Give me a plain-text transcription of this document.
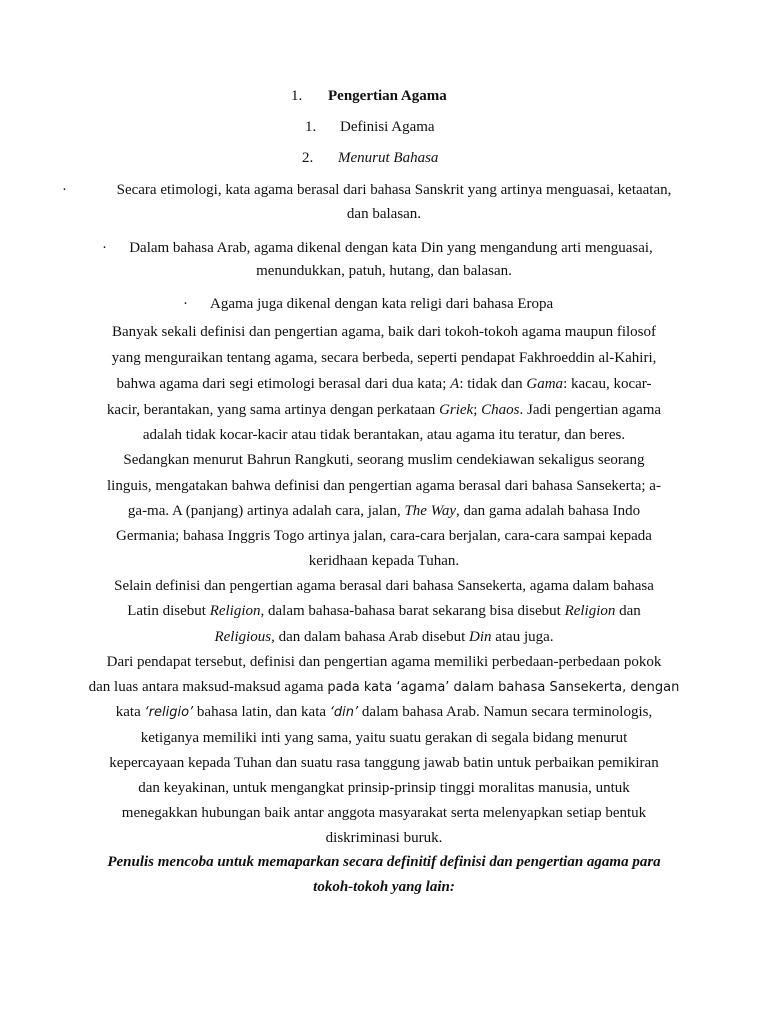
1. Pengertian Agama
1. Definisi Agama
2. Menurut Bahasa
·	Secara etimologi, kata agama berasal dari bahasa Sanskrit yang artinya menguasai, ketaatan,
dan balasan.
·	Dalam bahasa Arab, agama dikenal dengan kata Din yang mengandung arti menguasai,
menundukkan, patuh, hutang, dan balasan.
· Agama juga dikenal dengan kata religi dari bahasa Eropa
Banyak sekali definisi dan pengertian agama, baik dari tokoh-tokoh agama maupun filosof
yang menguraikan tentang agama, secara berbeda, seperti pendapat Fakhroeddin al-Kahiri,
bahwa agama dari segi etimologi berasal dari dua kata; A: tidak dan Gama: kacau, kocar-
kacir, berantakan, yang sama artinya dengan perkataan Griek; Chaos. Jadi pengertian agama
adalah tidak kocar-kacir atau tidak berantakan, atau agama itu teratur, dan beres.
Sedangkan menurut Bahrun Rangkuti, seorang muslim cendekiawan sekaligus seorang
linguis, mengatakan bahwa definisi dan pengertian agama berasal dari bahasa Sansekerta; a-
ga-ma. A (panjang) artinya adalah cara, jalan, The Way, dan gama adalah bahasa Indo
Germania; bahasa Inggris Togo artinya jalan, cara-cara berjalan, cara-cara sampai kepada
keridhaan kepada Tuhan.
Selain definisi dan pengertian agama berasal dari bahasa Sansekerta, agama dalam bahasa
Latin disebut Religion, dalam bahasa-bahasa barat sekarang bisa disebut Religion dan
Religious, dan dalam bahasa Arab disebut Din atau juga.
Dari pendapat tersebut, definisi dan pengertian agama memiliki perbedaan-perbedaan pokok
dan luas antara maksud-maksud agama pada kata ‘agama’ dalam bahasa Sansekerta, dengan
kata ‘religio’ bahasa latin, dan kata ‘din’ dalam bahasa Arab. Namun secara terminologis,
ketiganya memiliki inti yang sama, yaitu suatu gerakan di segala bidang menurut
kepercayaan kepada Tuhan dan suatu rasa tanggung jawab batin untuk perbaikan pemikiran
dan keyakinan, untuk mengangkat prinsip-prinsip tinggi moralitas manusia, untuk
menegakkan hubungan baik antar anggota masyarakat serta melenyapkan setiap bentuk
diskriminasi buruk.
Penulis mencoba untuk memaparkan secara definitif definisi dan pengertian agama para
tokoh-tokoh yang lain:
